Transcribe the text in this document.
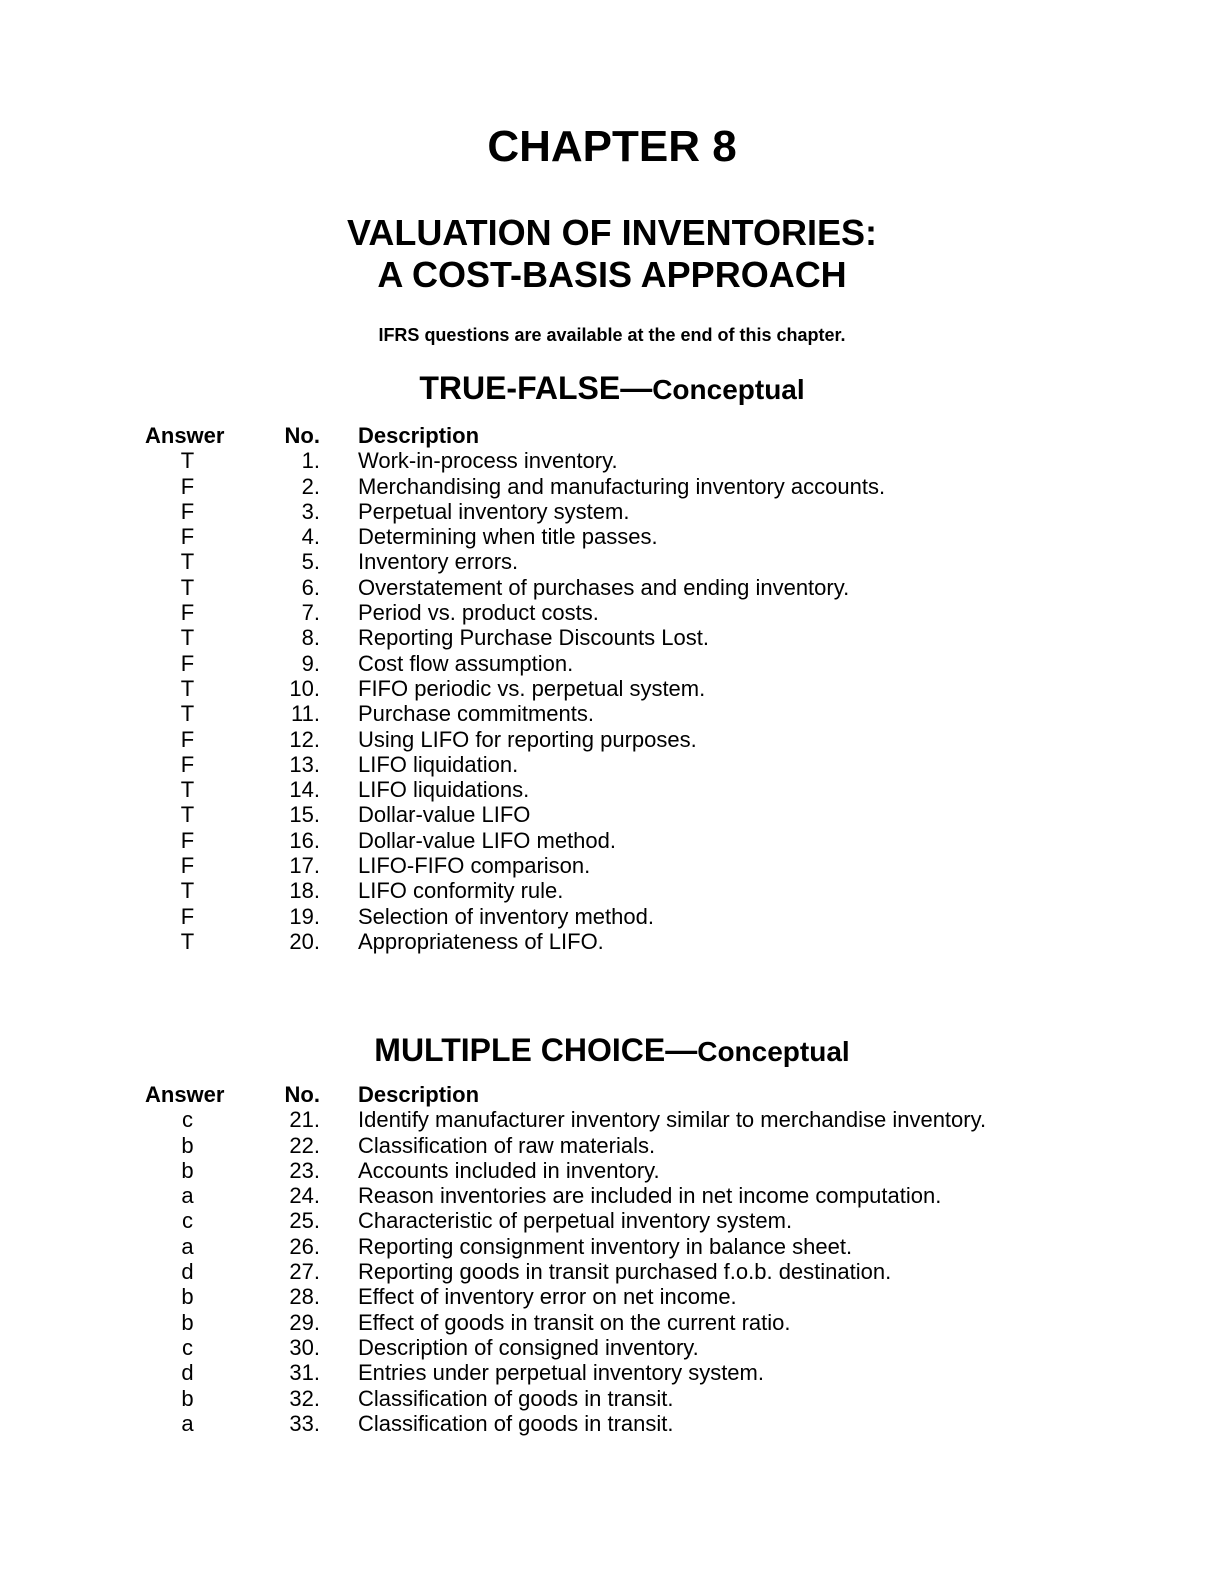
CHAPTER 8
VALUATION OF INVENTORIES:
A COST-BASIS APPROACH
IFRS questions are available at the end of this chapter.
TRUE-FALSE—Conceptual
Answer	No.	Description
T	1.	Work-in-process inventory.
F	2.	Merchandising and manufacturing inventory accounts.
F	3.	Perpetual inventory system.
F	4.	Determining when title passes.
T	5.	Inventory errors.
T	6.	Overstatement of purchases and ending inventory.
F	7.	Period vs. product costs.
T	8.	Reporting Purchase Discounts Lost.
F	9.	Cost flow assumption.
T	10.	FIFO periodic vs. perpetual system.
T	11.	Purchase commitments.
F	12.	Using LIFO for reporting purposes.
F	13.	LIFO liquidation.
T	14.	LIFO liquidations.
T	15.	Dollar-value LIFO
F	16.	Dollar-value LIFO method.
F	17.	LIFO-FIFO comparison.
T	18.	LIFO conformity rule.
F	19.	Selection of inventory method.
T	20.	Appropriateness of LIFO.
MULTIPLE CHOICE—Conceptual
Answer	No.	Description
c	21.	Identify manufacturer inventory similar to merchandise inventory.
b	22.	Classification of raw materials.
b	23.	Accounts included in inventory.
a	24.	Reason inventories are included in net income computation.
c	25.	Characteristic of perpetual inventory system.
a	26.	Reporting consignment inventory in balance sheet.
d	27.	Reporting goods in transit purchased f.o.b. destination.
b	28.	Effect of inventory error on net income.
b	29.	Effect of goods in transit on the current ratio.
c	30.	Description of consigned inventory.
d	31.	Entries under perpetual inventory system.
b	32.	Classification of goods in transit.
a	33.	Classification of goods in transit.
